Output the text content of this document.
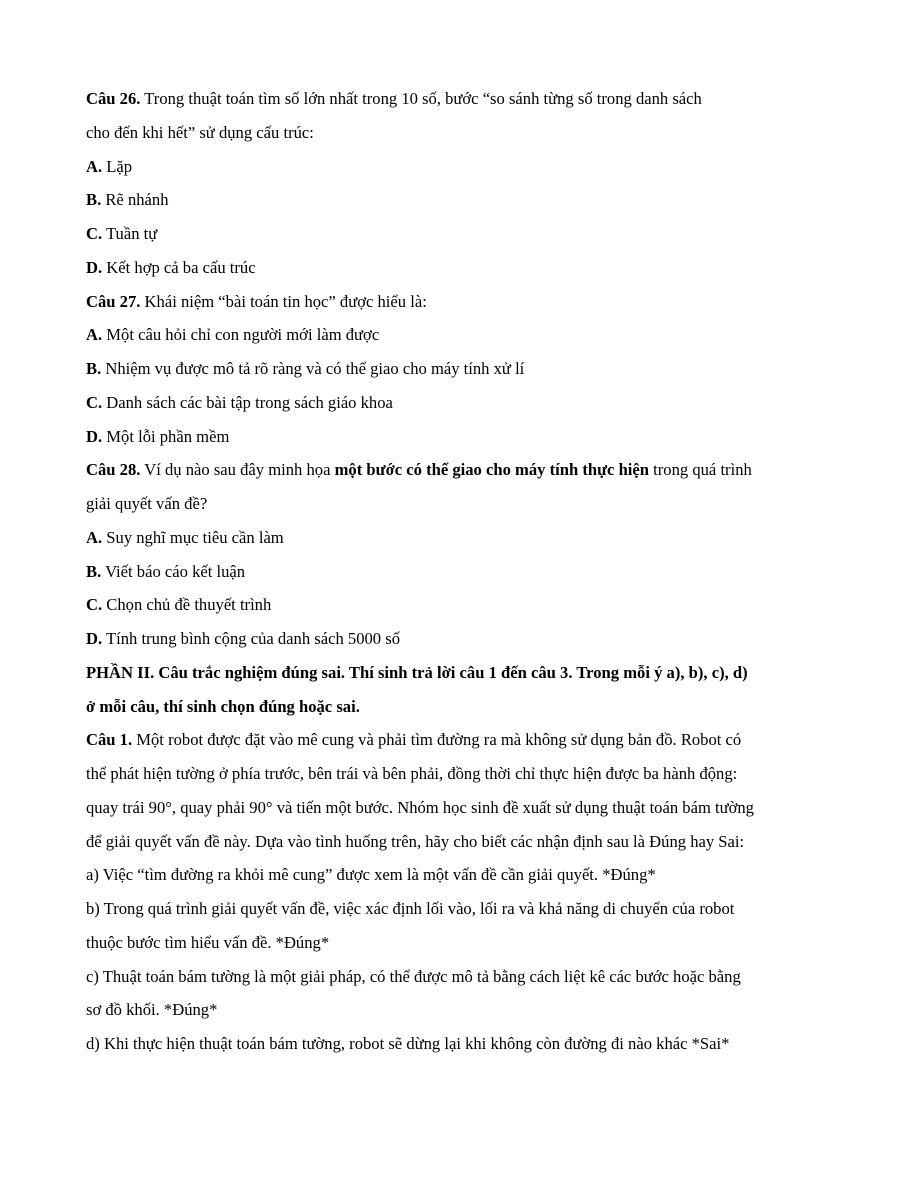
Câu 26. Trong thuật toán tìm số lớn nhất trong 10 số, bước “so sánh từng số trong danh sách
cho đến khi hết” sử dụng cấu trúc:
A. Lặp
B. Rẽ nhánh
C. Tuần tự
D. Kết hợp cả ba cấu trúc
Câu 27. Khái niệm “bài toán tin học” được hiểu là:
A. Một câu hỏi chỉ con người mới làm được
B. Nhiệm vụ được mô tả rõ ràng và có thể giao cho máy tính xử lí
C. Danh sách các bài tập trong sách giáo khoa
D. Một lỗi phần mềm
Câu 28. Ví dụ nào sau đây minh họa một bước có thể giao cho máy tính thực hiện trong quá trình
giải quyết vấn đề?
A. Suy nghĩ mục tiêu cần làm
B. Viết báo cáo kết luận
C. Chọn chủ đề thuyết trình
D. Tính trung bình cộng của danh sách 5000 số
PHẦN II. Câu trắc nghiệm đúng sai. Thí sinh trả lời câu 1 đến câu 3. Trong mỗi ý a), b), c), d)
ở mỗi câu, thí sinh chọn đúng hoặc sai.
Câu 1. Một robot được đặt vào mê cung và phải tìm đường ra mà không sử dụng bản đồ. Robot có
thể phát hiện tường ở phía trước, bên trái và bên phải, đồng thời chỉ thực hiện được ba hành động:
quay trái 90°, quay phải 90° và tiến một bước. Nhóm học sinh đề xuất sử dụng thuật toán bám tường
để giải quyết vấn đề này. Dựa vào tình huống trên, hãy cho biết các nhận định sau là Đúng hay Sai:
a) Việc “tìm đường ra khỏi mê cung” được xem là một vấn đề cần giải quyết. *Đúng*
b) Trong quá trình giải quyết vấn đề, việc xác định lối vào, lối ra và khả năng di chuyển của robot
thuộc bước tìm hiểu vấn đề. *Đúng*
c) Thuật toán bám tường là một giải pháp, có thể được mô tả bằng cách liệt kê các bước hoặc bằng
sơ đồ khối. *Đúng*
d) Khi thực hiện thuật toán bám tường, robot sẽ dừng lại khi không còn đường đi nào khác *Sai*
